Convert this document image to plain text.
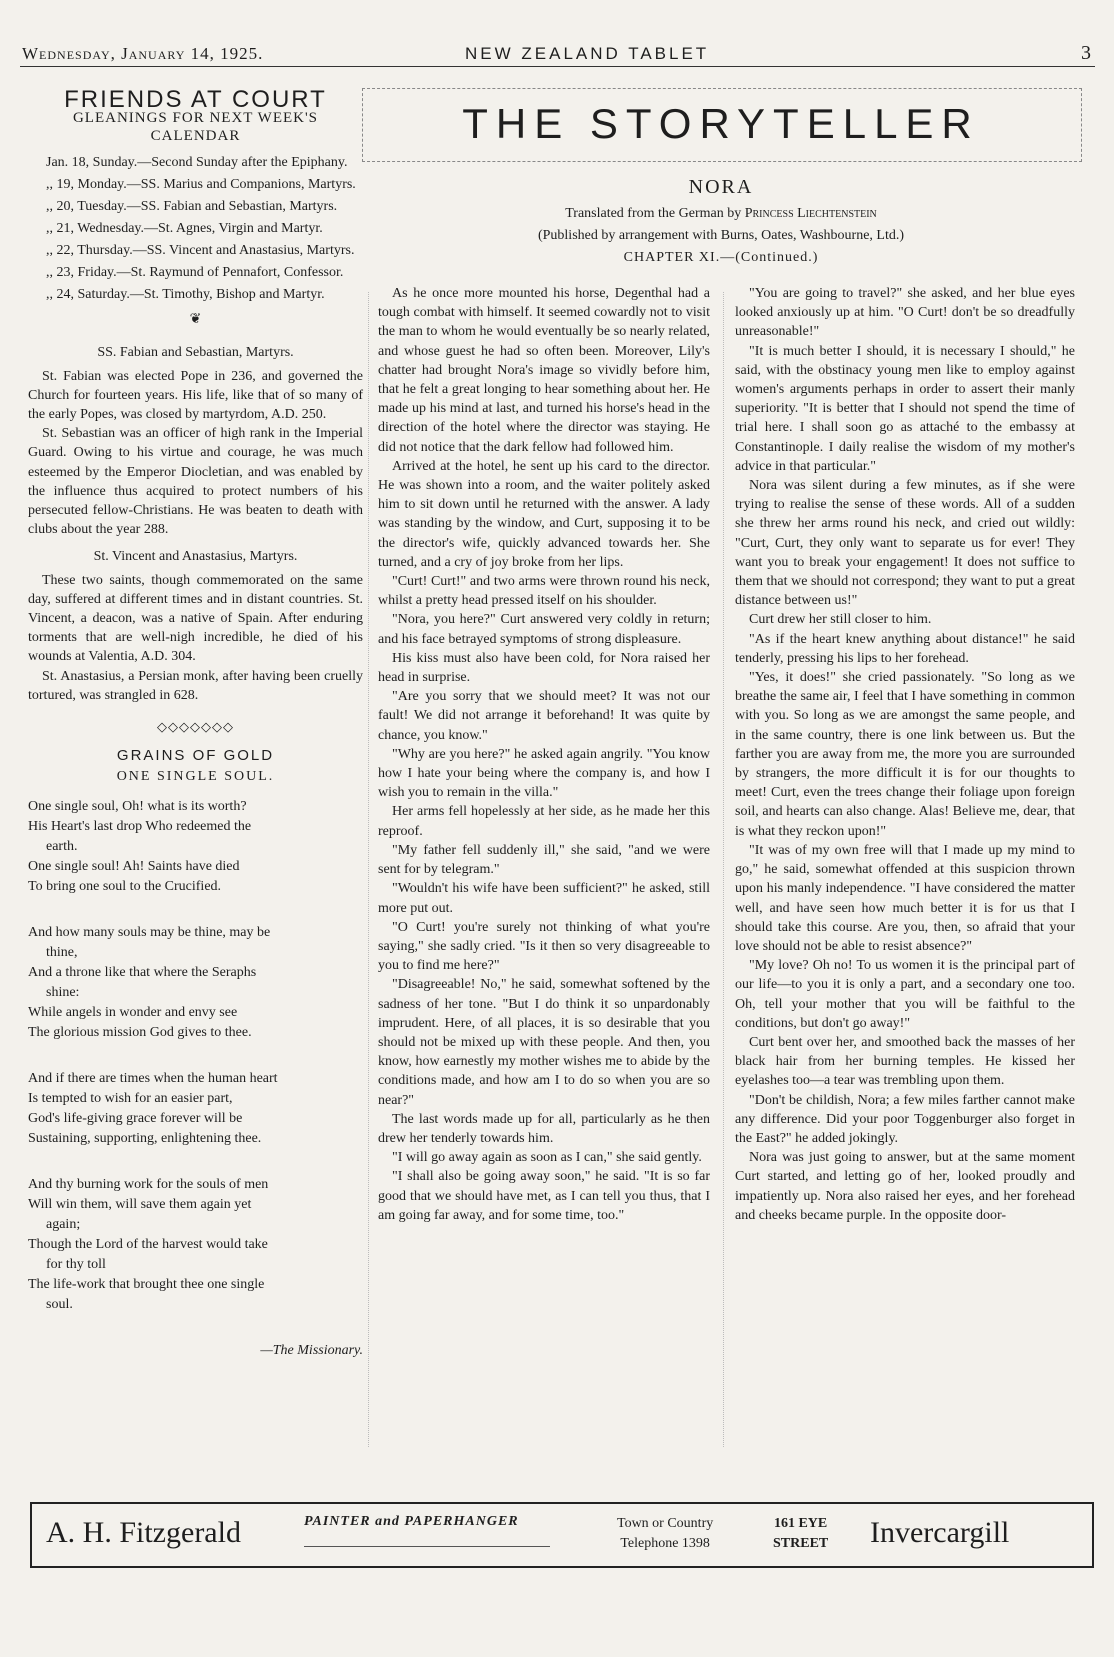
Wednesday, January 14, 1925.	NEW ZEALAND TABLET	3
FRIENDS AT COURT
GLEANINGS FOR NEXT WEEK'S
CALENDAR
Jan. 18, Sunday.—Second Sunday after the Epiphany.
,, 19, Monday.—SS. Marius and Companions, Martyrs.
,, 20, Tuesday.—SS. Fabian and Sebastian, Martyrs.
,, 21, Wednesday.—St. Agnes, Virgin and Martyr.
,, 22, Thursday.—SS. Vincent and Anastasius, Martyrs.
,, 23, Friday.—St. Raymund of Pennafort, Confessor.
,, 24, Saturday.—St. Timothy, Bishop and Martyr.
❦
SS. Fabian and Sebastian, Martyrs.

St. Fabian was elected Pope in 236, and governed the Church for fourteen years. His life, like that of so many of the early Popes, was closed by martyrdom, A.D. 250.

St. Sebastian was an officer of high rank in the Imperial Guard. Owing to his virtue and courage, he was much esteemed by the Emperor Diocletian, and was enabled by the influence thus acquired to protect numbers of his persecuted fellow-Christians. He was beaten to death with clubs about the year 288.

St. Vincent and Anastasius, Martyrs.

These two saints, though commemorated on the same day, suffered at different times and in distant countries. St. Vincent, a deacon, was a native of Spain. After enduring torments that are well-nigh incredible, he died of his wounds at Valentia, A.D. 304.

St. Anastasius, a Persian monk, after having been cruelly tortured, was strangled in 628.

◇◇◇◇◇◇◇
GRAINS OF GOLD
ONE SINGLE SOUL.
One single soul, Oh! what is its worth?
His Heart's last drop Who redeemed the
earth.
One single soul! Ah! Saints have died
To bring one soul to the Crucified.
And how many souls may be thine, may be
thine,
And a throne like that where the Seraphs
shine:
While angels in wonder and envy see
The glorious mission God gives to thee.
And if there are times when the human heart
Is tempted to wish for an easier part,
God's life-giving grace forever will be
Sustaining, supporting, enlightening thee.
And thy burning work for the souls of men
Will win them, will save them again yet
again;
Though the Lord of the harvest would take
for thy toll
The life-work that brought thee one single
soul.
—The Missionary.
THE STORYTELLER
NORA
Translated from the German by Princess Liechtenstein
(Published by arrangement with Burns, Oates, Washbourne, Ltd.)
CHAPTER XI.—(Continued.)

As he once more mounted his horse, Degenthal had a tough combat with himself. It seemed cowardly not to visit the man to whom he would eventually be so nearly related, and whose guest he had so often been. Moreover, Lily's chatter had brought Nora's image so vividly before him, that he felt a great longing to hear something about her. He made up his mind at last, and turned his horse's head in the direction of the hotel where the director was staying. He did not notice that the dark fellow had followed him.

Arrived at the hotel, he sent up his card to the director. He was shown into a room, and the waiter politely asked him to sit down until he returned with the answer. A lady was standing by the window, and Curt, supposing it to be the director's wife, quickly advanced towards her. She turned, and a cry of joy broke from her lips.

"Curt! Curt!" and two arms were thrown round his neck, whilst a pretty head pressed itself on his shoulder.

"Nora, you here?" Curt answered very coldly in return; and his face betrayed symptoms of strong displeasure.

His kiss must also have been cold, for Nora raised her head in surprise.

"Are you sorry that we should meet? It was not our fault! We did not arrange it beforehand! It was quite by chance, you know."

"Why are you here?" he asked again angrily. "You know how I hate your being where the company is, and how I wish you to remain in the villa."

Her arms fell hopelessly at her side, as he made her this reproof.

"My father fell suddenly ill," she said, "and we were sent for by telegram."

"Wouldn't his wife have been sufficient?" he asked, still more put out.

"O Curt! you're surely not thinking of what you're saying," she sadly cried. "Is it then so very disagreeable to you to find me here?"

"Disagreeable! No," he said, somewhat softened by the sadness of her tone. "But I do think it so unpardonably imprudent. Here, of all places, it is so desirable that you should not be mixed up with these people. And then, you know, how earnestly my mother wishes me to abide by the conditions made, and how am I to do so when you are so near?"

The last words made up for all, particularly as he then drew her tenderly towards him.

"I will go away again as soon as I can," she said gently.

"I shall also be going away soon," he said. "It is so far good that we should have met, as I can tell you thus, that I am going far away, and for some time, too."

"You are going to travel?" she asked, and her blue eyes looked anxiously up at him. "O Curt! don't be so dreadfully unreasonable!"

"It is much better I should, it is necessary I should," he said, with the obstinacy young men like to employ against women's arguments perhaps in order to assert their manly superiority. "It is better that I should not spend the time of trial here. I shall soon go as attaché to the embassy at Constantinople. I daily realise the wisdom of my mother's advice in that particular."

Nora was silent during a few minutes, as if she were trying to realise the sense of these words. All of a sudden she threw her arms round his neck, and cried out wildly: "Curt, Curt, they only want to separate us for ever! They want you to break your engagement! It does not suffice to them that we should not correspond; they want to put a great distance between us!"

Curt drew her still closer to him.

"As if the heart knew anything about distance!" he said tenderly, pressing his lips to her forehead.

"Yes, it does!" she cried passionately. "So long as we breathe the same air, I feel that I have something in common with you. So long as we are amongst the same people, and in the same country, there is one link between us. But the farther you are away from me, the more you are surrounded by strangers, the more difficult it is for our thoughts to meet! Curt, even the trees change their foliage upon foreign soil, and hearts can also change. Alas! Believe me, dear, that is what they reckon upon!"

"It was of my own free will that I made up my mind to go," he said, somewhat offended at this suspicion thrown upon his manly independence. "I have considered the matter well, and have seen how much better it is for us that I should take this course. Are you, then, so afraid that your love should not be able to resist absence?"

"My love? Oh no! To us women it is the principal part of our life—to you it is only a part, and a secondary one too. Oh, tell your mother that you will be faithful to the conditions, but don't go away!"

Curt bent over her, and smoothed back the masses of her black hair from her burning temples. He kissed her eyelashes too—a tear was trembling upon them.

"Don't be childish, Nora; a few miles farther cannot make any difference. Did your poor Toggenburger also forget in the East?" he added jokingly.

Nora was just going to answer, but at the same moment Curt started, and letting go of her, looked proudly and impatiently up. Nora also raised her eyes, and her forehead and cheeks became purple. In the opposite door-

A. H. Fitzgerald	PAINTER and PAPERHANGER	Town or Country
Telephone 1398
161 EYE
STREET Invercargill
